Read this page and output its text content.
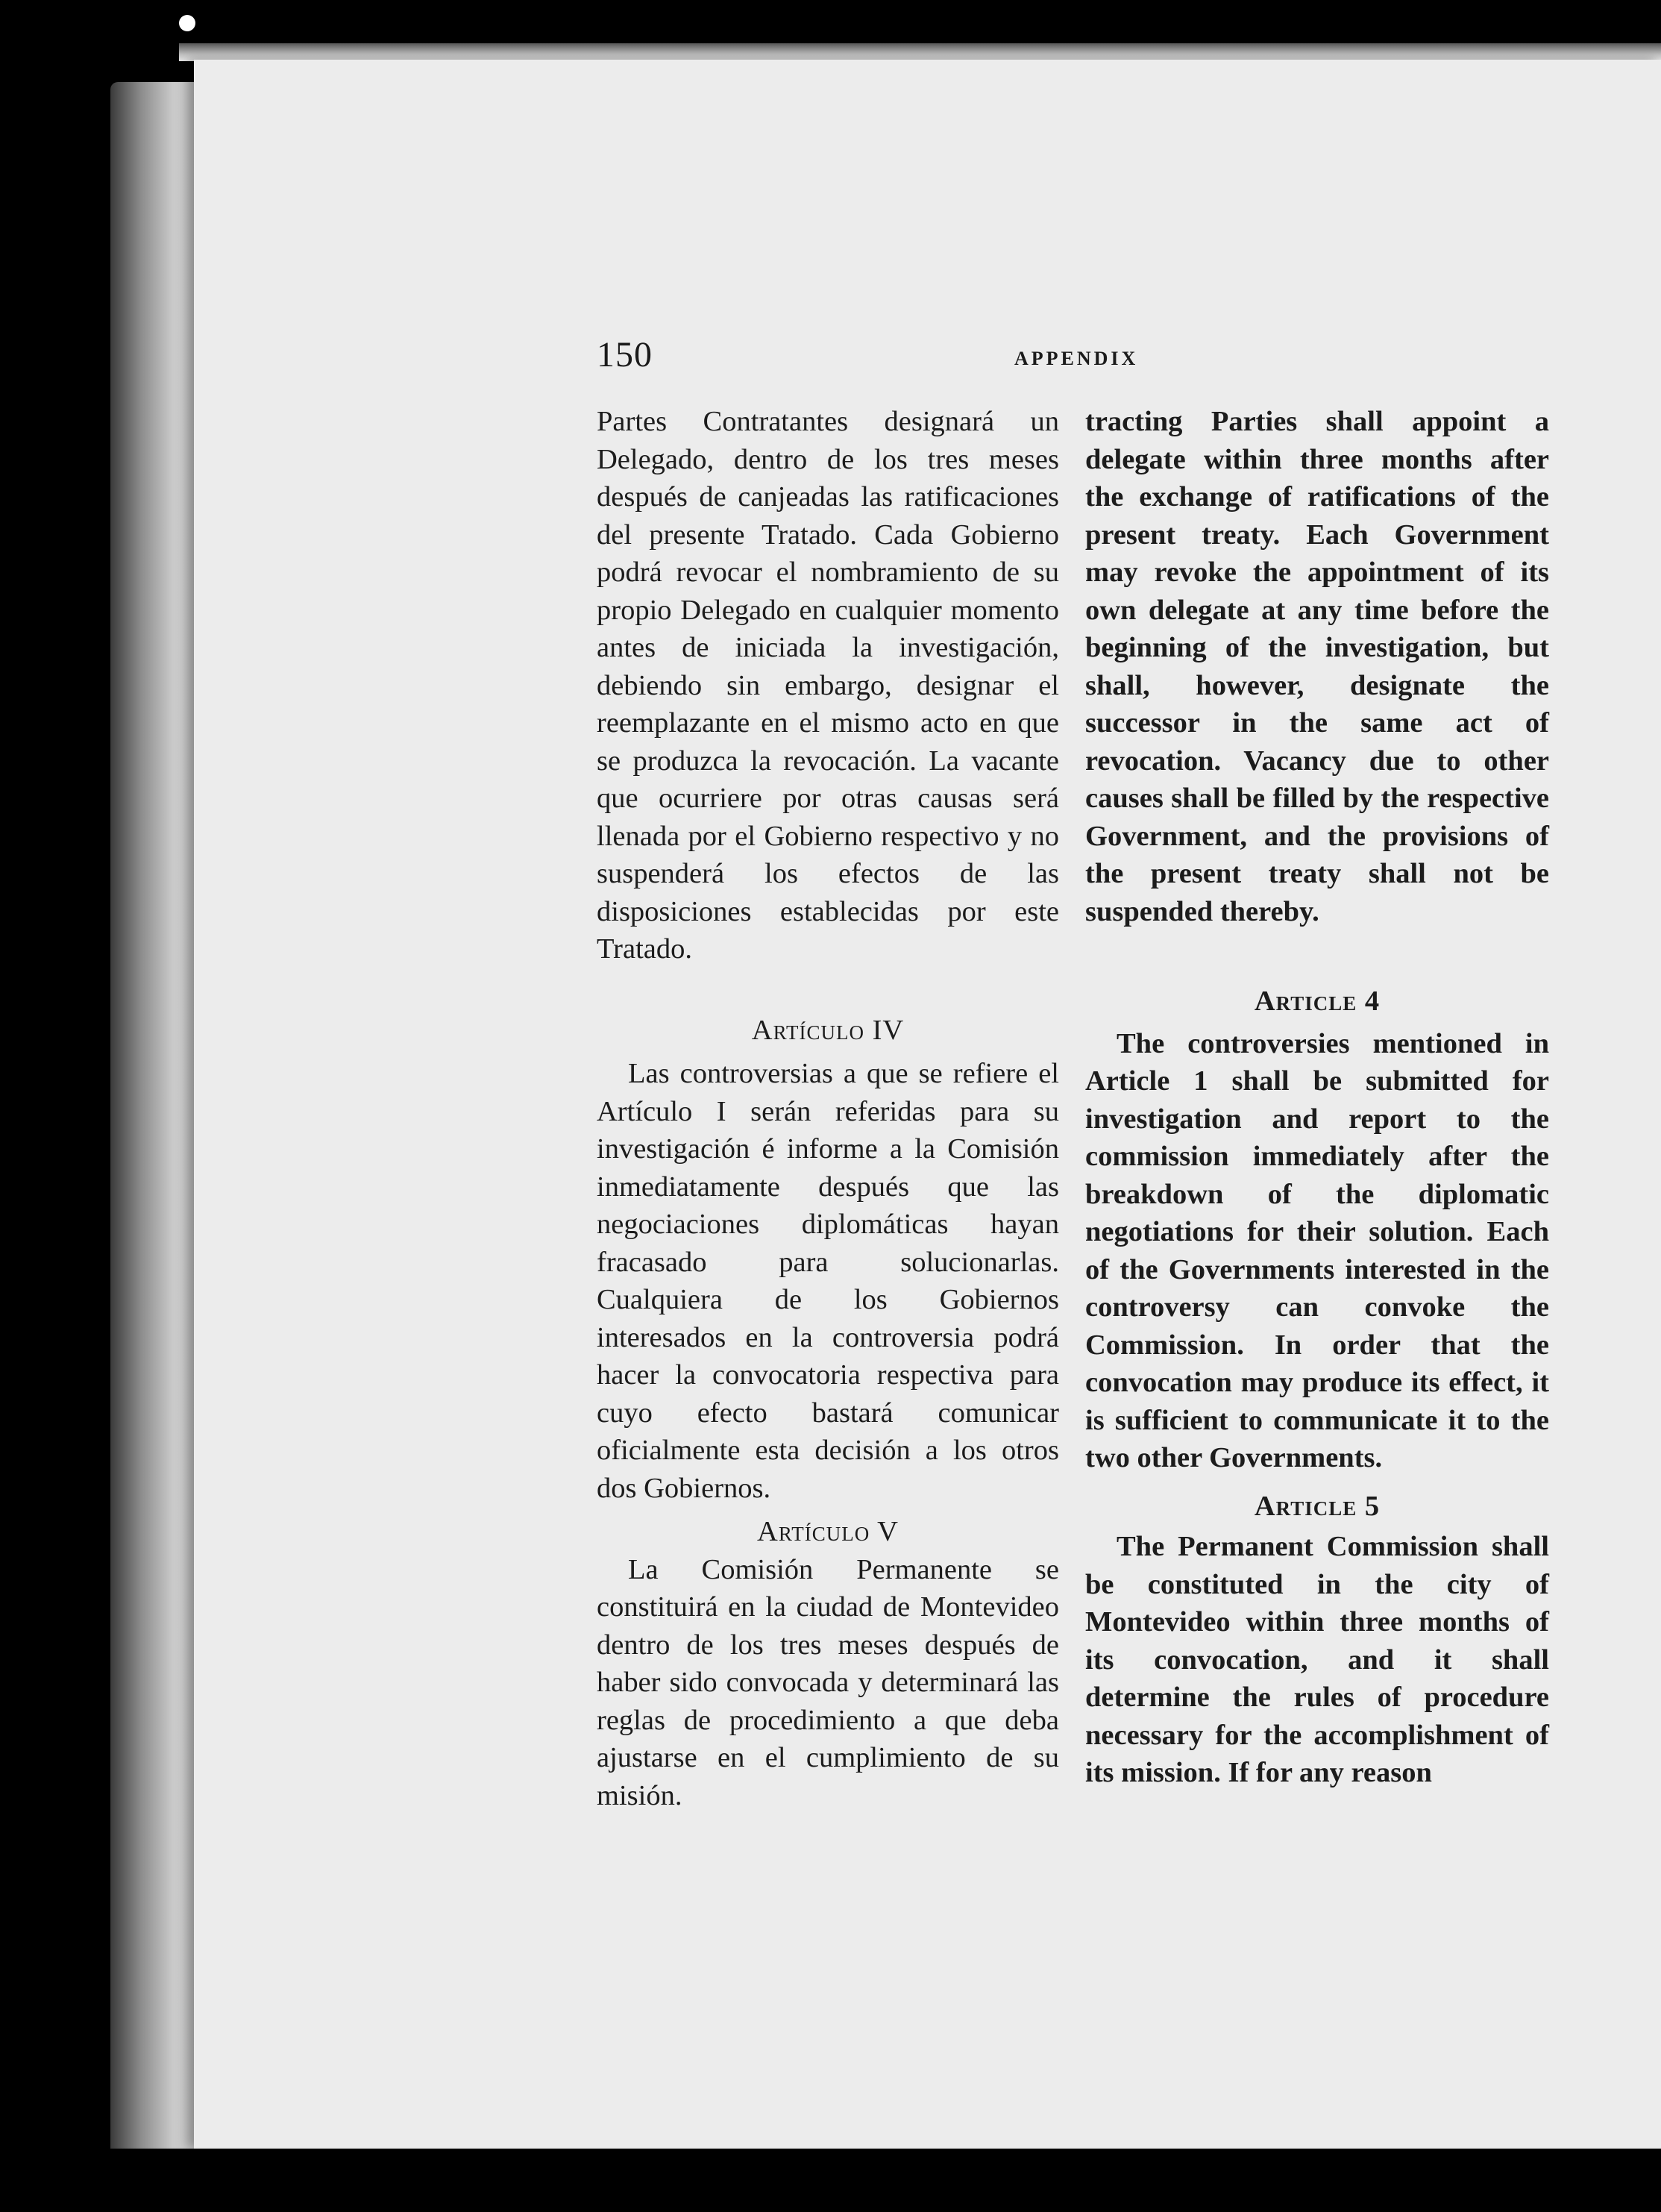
150	APPENDIX

Partes Contratantes designará un Delegado, dentro de los tres meses después de canjeadas las ratificaciones del presente Tratado. Cada Gobierno podrá revocar el nombramiento de su propio Delegado en cualquier momento antes de iniciada la investigación, debiendo sin embargo, designar el reemplazante en el mismo acto en que se produzca la revocación. La vacante que ocurriere por otras causas será llenada por el Gobierno respectivo y no suspenderá los efectos de las disposiciones establecidas por este Tratado.

Artículo IV

Las controversias a que se refiere el Artículo I serán referidas para su investigación é informe a la Comisión inmediatamente después que las negociaciones diplomáticas hayan fracasado para solucionarlas. Cualquiera de los Gobiernos interesados en la controversia podrá hacer la convocatoria respectiva para cuyo efecto bastará comunicar oficialmente esta decisión a los otros dos Gobiernos.

Artículo V

La Comisión Permanente se constituirá en la ciudad de Montevideo dentro de los tres meses después de haber sido convocada y determinará las reglas de procedimiento a que deba ajustarse en el cumplimiento de su misión.

tracting Parties shall appoint a delegate within three months after the exchange of ratifications of the present treaty. Each Government may revoke the appointment of its own delegate at any time before the beginning of the investigation, but shall, however, designate the successor in the same act of revocation. Vacancy due to other causes shall be filled by the respective Government, and the provisions of the present treaty shall not be suspended thereby.

Article 4

The controversies mentioned in Article 1 shall be submitted for investigation and report to the commission immediately after the breakdown of the diplomatic negotiations for their solution. Each of the Governments interested in the controversy can convoke the Commission. In order that the convocation may produce its effect, it is sufficient to communicate it to the two other Governments.

Article 5

The Permanent Commission shall be constituted in the city of Montevideo within three months of its convocation, and it shall determine the rules of procedure necessary for the accomplishment of its mission. If for any reason
